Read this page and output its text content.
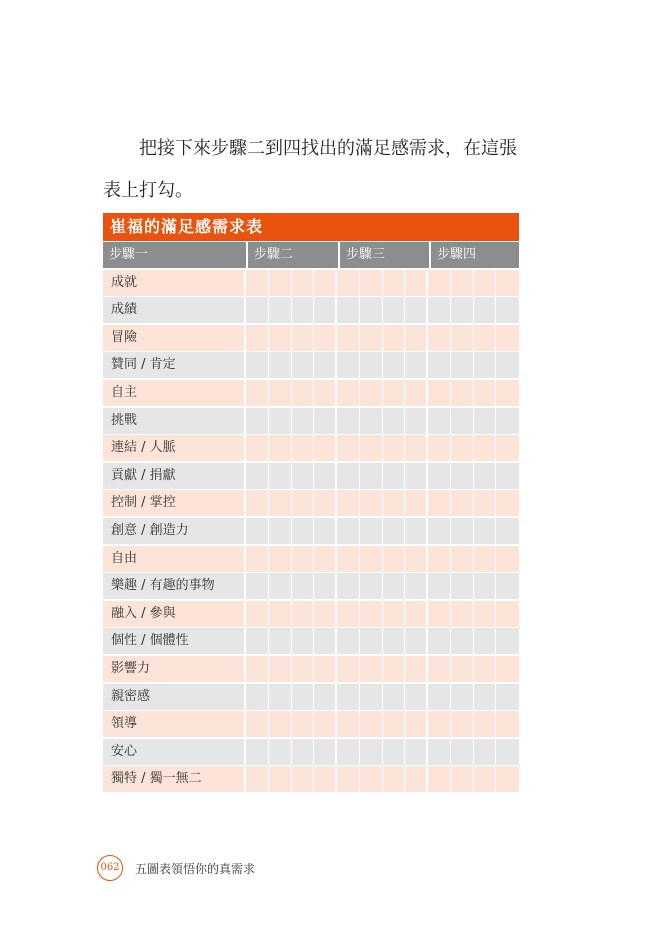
把接下來步驟二到四找出的滿足感需求，在這張表上打勾。

崔福的滿足感需求表
步驟一	步驟二	步驟三	步驟四
成就
成績
冒險
贊同 / 肯定
自主
挑戰
連結 / 人脈
貢獻 / 捐獻
控制 / 掌控
創意 / 創造力
自由
樂趣 / 有趣的事物
融入 / 參與
個性 / 個體性
影響力
親密感
領導
安心
獨特 / 獨一無二
062 五圖表領悟你的真需求
